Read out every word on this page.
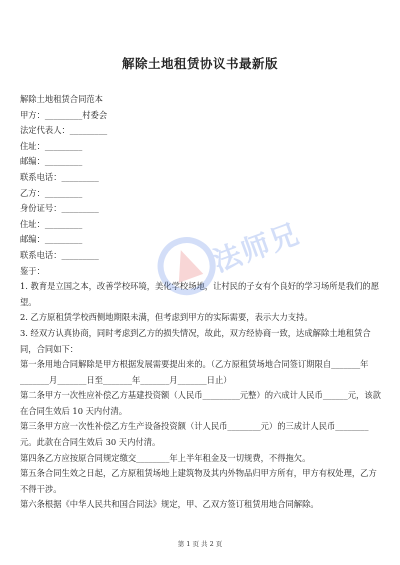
解除土地租赁协议书最新版
解除土地租赁合同范本
甲方：_________村委会
法定代表人：_________
住址：_________
邮编：_________
联系电话：_________
乙方：_________
身份证号：_________
住址：_________
邮编：_________
联系电话：_________
鉴于：
1. 教育是立国之本，改善学校环境，美化学校场地，让村民的子女有个良好的学习场所是我们的愿望。
2. 乙方原租赁学校西侧地期限未满，但考虑到甲方的实际需要，表示大力支持。
3. 经双方认真协商，同时考虑到乙方的损失情况，故此，双方经协商一致，达成解除土地租赁合同，合同如下：
第一条用地合同解除是甲方根据发展需要提出来的。（乙方原租赁场地合同签订期限自_______年_______月_______日至_______年_______月_______日止）
第二条甲方一次性应补偿乙方基建投资额（人民币_________元整）的六成计人民币______元，该款在合同生效后 10 天内付清。
第三条甲方应一次性补偿乙方生产设备投资额（计人民币________元）的三成计人民币________元。此款在合同生效后 30 天内付清。
第四条乙方应按原合同规定缴交________年上半年租金及一切规费，不得拖欠。
第五条合同生效之日起，乙方原租赁场地上建筑物及其内外物品归甲方所有，甲方有权处理，乙方不得干涉。
第六条根据《中华人民共和国合同法》规定，甲、乙双方签订租赁用地合同解除。
法师兄
第 1 页 共 2 页
